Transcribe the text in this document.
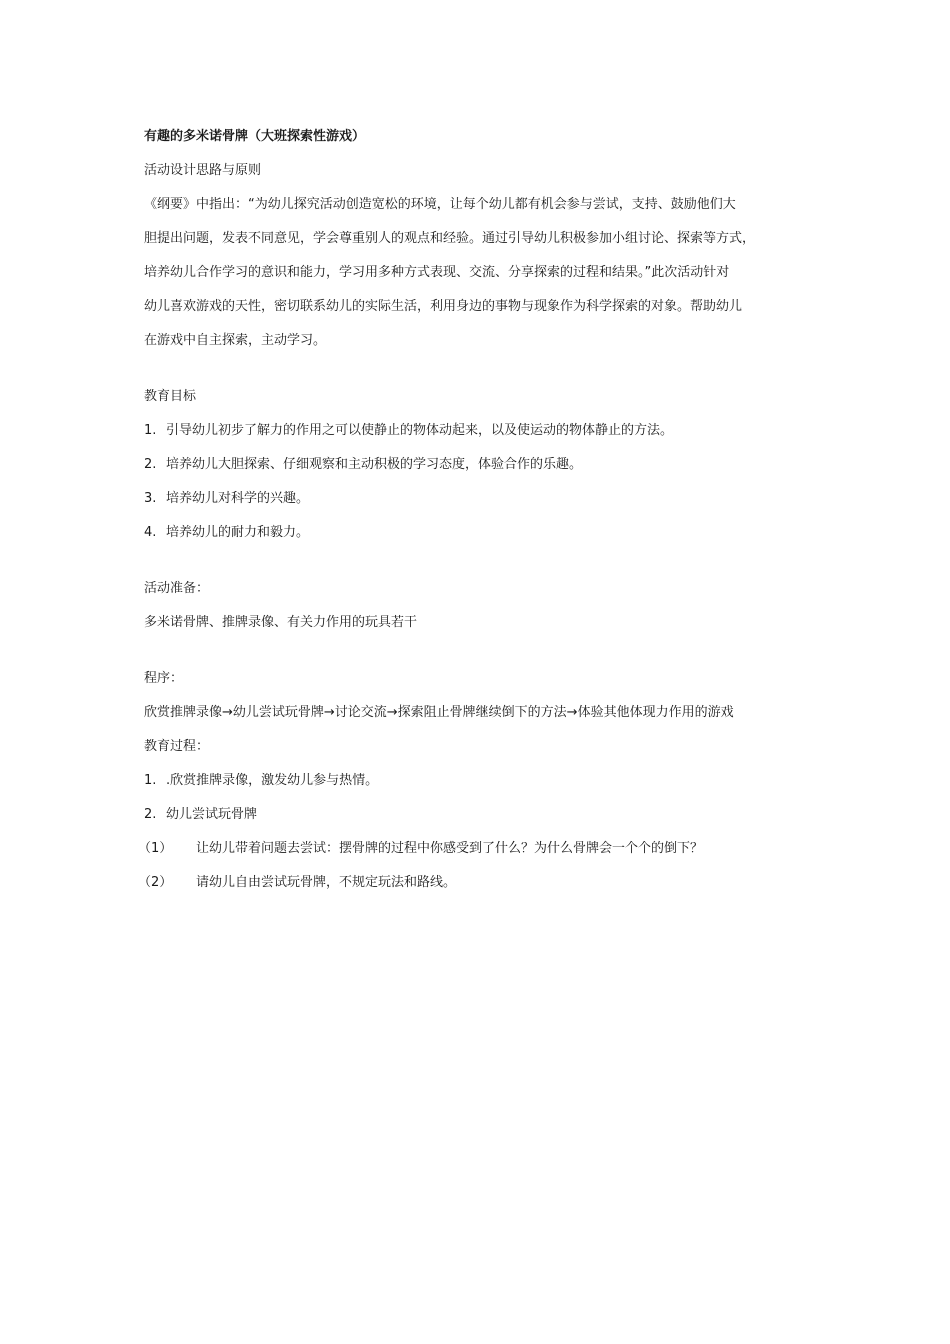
有趣的多米诺骨牌（大班探索性游戏）
活动设计思路与原则
《纲要》中指出：“为幼儿探究活动创造宽松的环境，让每个幼儿都有机会参与尝试，支持、鼓励他们大
胆提出问题，发表不同意见，学会尊重别人的观点和经验。通过引导幼儿积极参加小组讨论、探索等方式，
培养幼儿合作学习的意识和能力，学习用多种方式表现、交流、分享探索的过程和结果。”此次活动针对
幼儿喜欢游戏的天性，密切联系幼儿的实际生活，利用身边的事物与现象作为科学探索的对象。帮助幼儿
在游戏中自主探索，主动学习。
教育目标
1. 引导幼儿初步了解力的作用之可以使静止的物体动起来，以及使运动的物体静止的方法。
2. 培养幼儿大胆探索、仔细观察和主动积极的学习态度，体验合作的乐趣。
3. 培养幼儿对科学的兴趣。
4. 培养幼儿的耐力和毅力。
活动准备：
多米诺骨牌、推牌录像、有关力作用的玩具若干
程序：
欣赏推牌录像→幼儿尝试玩骨牌→讨论交流→探索阻止骨牌继续倒下的方法→体验其他体现力作用的游戏
教育过程：
1. .欣赏推牌录像，激发幼儿参与热情。
2. 幼儿尝试玩骨牌
（1） 让幼儿带着问题去尝试：摆骨牌的过程中你感受到了什么？为什么骨牌会一个个的倒下？
（2） 请幼儿自由尝试玩骨牌，不规定玩法和路线。
